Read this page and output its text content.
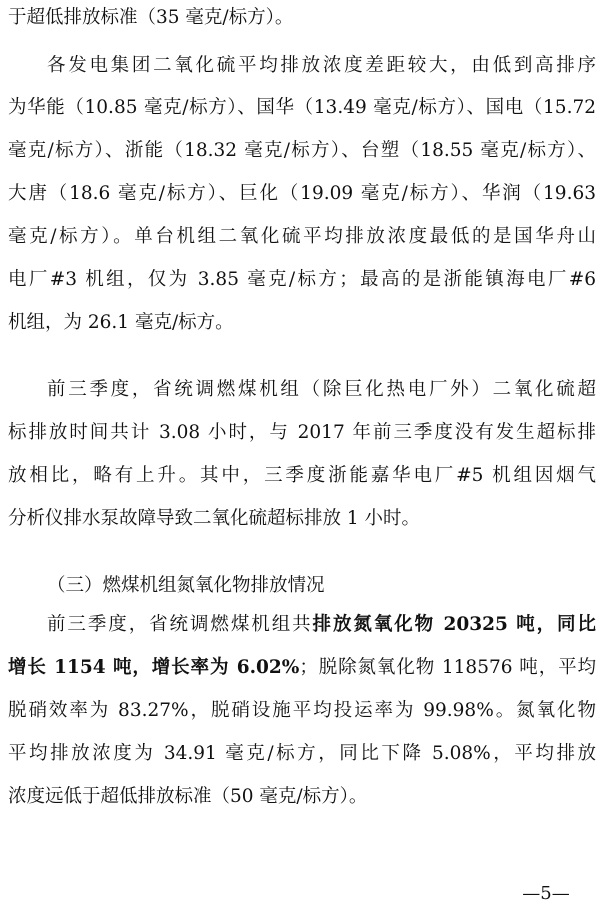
于超低排放标准（35 毫克/标方）。
各发电集团二氧化硫平均排放浓度差距较大，由低到高排序
为华能（10.85 毫克/标方）、国华（13.49 毫克/标方）、国电（15.72
毫克/标方）、浙能（18.32 毫克/标方）、台塑（18.55 毫克/标方）、
大唐（18.6 毫克/标方）、巨化（19.09 毫克/标方）、华润（19.63
毫克/标方）。单台机组二氧化硫平均排放浓度最低的是国华舟山
电厂#3 机组，仅为 3.85 毫克/标方；最高的是浙能镇海电厂#6
机组，为 26.1 毫克/标方。
前三季度，省统调燃煤机组（除巨化热电厂外）二氧化硫超
标排放时间共计 3.08 小时，与 2017 年前三季度没有发生超标排
放相比，略有上升。其中，三季度浙能嘉华电厂#5 机组因烟气
分析仪排水泵故障导致二氧化硫超标排放 1 小时。
（三）燃煤机组氮氧化物排放情况
前三季度，省统调燃煤机组共排放氮氧化物 20325 吨，同比
增长 1154 吨，增长率为 6.02%；脱除氮氧化物 118576 吨，平均
脱硝效率为 83.27%，脱硝设施平均投运率为 99.98%。氮氧化物
平均排放浓度为 34.91 毫克/标方，同比下降 5.08%，平均排放
浓度远低于超低排放标准（50 毫克/标方）。
—5—
